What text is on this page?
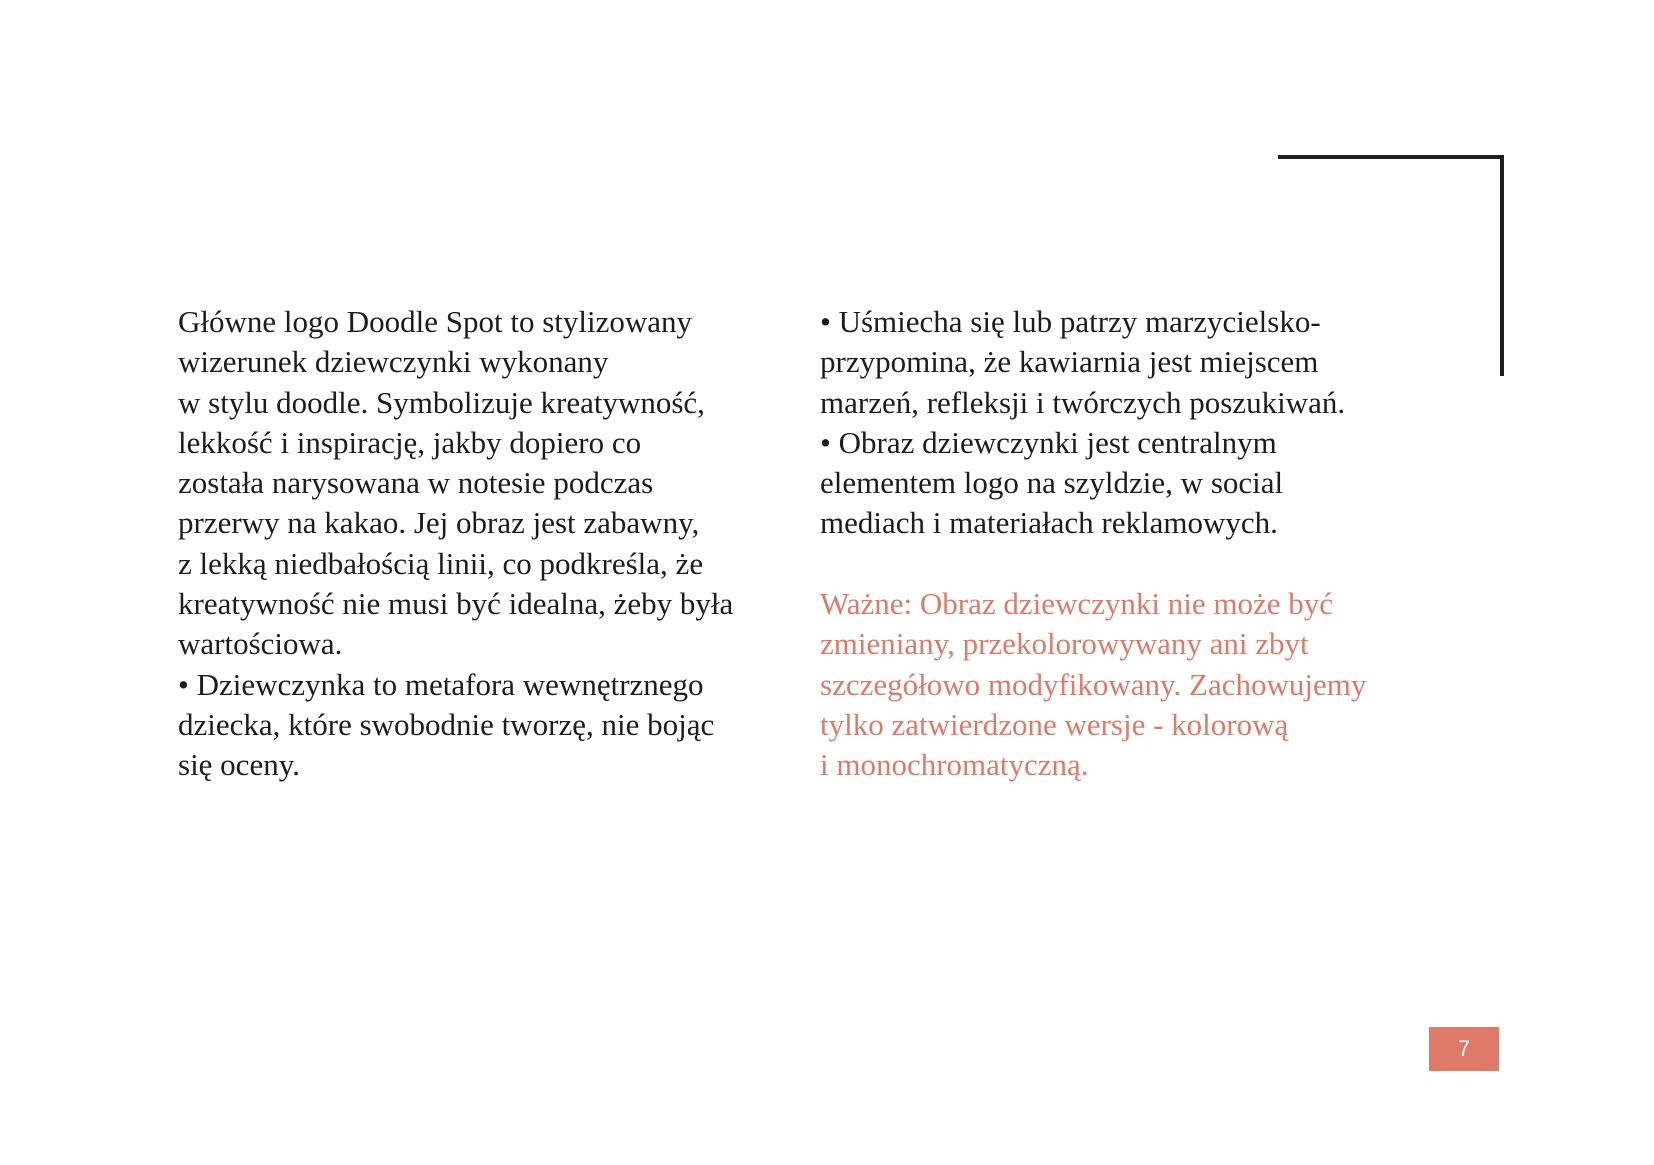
Główne logo Doodle Spot to stylizowany
wizerunek dziewczynki wykonany
w stylu doodle. Symbolizuje kreatywność,
lekkość i inspirację, jakby dopiero co
została narysowana w notesie podczas
przerwy na kakao. Jej obraz jest zabawny,
z lekką niedbałością linii, co podkreśla, że
kreatywność nie musi być idealna, żeby była
wartościowa.
• Dziewczynka to metafora wewnętrznego
dziecka, które swobodnie tworzę, nie bojąc
się oceny.
• Uśmiecha się lub patrzy marzycielsko-
przypomina, że kawiarnia jest miejscem
marzeń, refleksji i twórczych poszukiwań.
• Obraz dziewczynki jest centralnym
elementem logo na szyldzie, w social
mediach i materiałach reklamowych.
Ważne: Obraz dziewczynki nie może być
zmieniany, przekolorowywany ani zbyt
szczegółowo modyfikowany. Zachowujemy
tylko zatwierdzone wersje - kolorową
i monochromatyczną.
7
